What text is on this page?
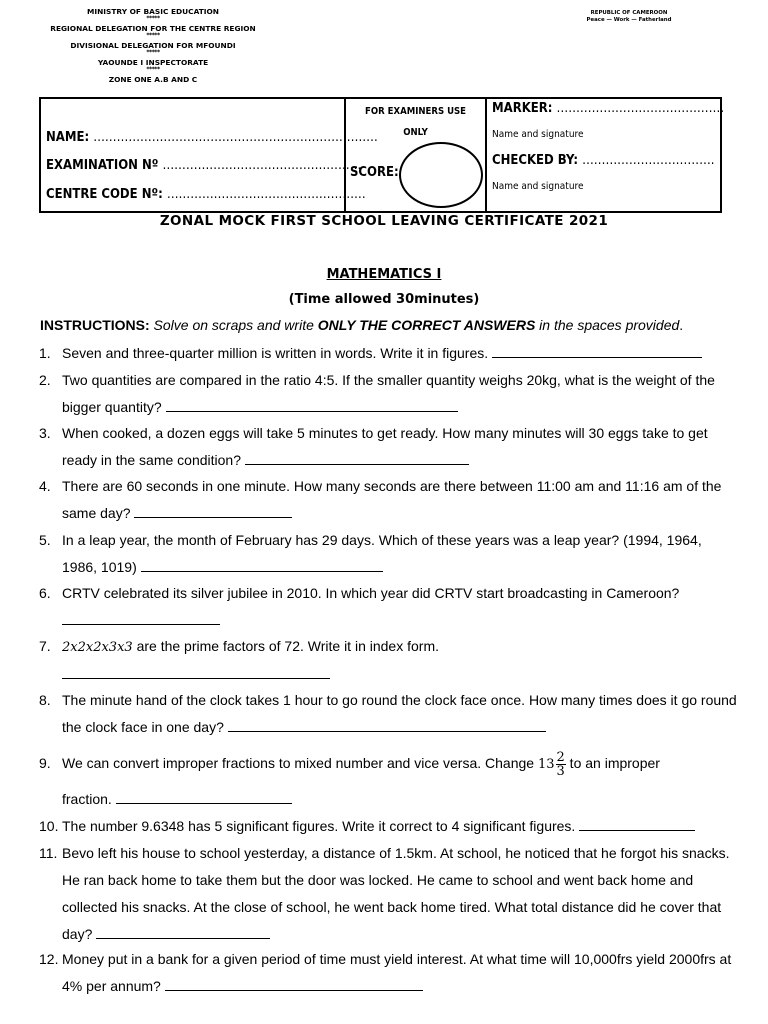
MINISTRY OF BASIC EDUCATION
*****
REGIONAL DELEGATION FOR THE CENTRE REGION
*****
DIVISIONAL DELEGATION FOR MFOUNDI
*****
YAOUNDE I INSPECTORATE
*****
ZONE ONE A.B AND C
REPUBLIC OF CAMEROON
Peace — Work — Fatherland
NAME: ……………………………………………………………….
EXAMINATION Nº ……………………………………………
CENTRE CODE Nº: ……………………………………………
FOR EXAMINERS USE
ONLY
SCORE:
MARKER: …………………………………….
Name and signature
CHECKED BY: …………………………….
Name and signature
ZONAL MOCK FIRST SCHOOL LEAVING CERTIFICATE 2021
MATHEMATICS I
(Time allowed 30minutes)
INSTRUCTIONS: Solve on scraps and write ONLY THE CORRECT ANSWERS in the spaces provided.
1. Seven and three-quarter million is written in words. Write it in figures.
2. Two quantities are compared in the ratio 4:5. If the smaller quantity weighs 20kg, what is the weight of the bigger quantity?
3. When cooked, a dozen eggs will take 5 minutes to get ready. How many minutes will 30 eggs take to get ready in the same condition?
4. There are 60 seconds in one minute. How many seconds are there between 11:00 am and 11:16 am of the same day?
5. In a leap year, the month of February has 29 days. Which of these years was a leap year? (1994, 1964, 1986, 1019)
6. CRTV celebrated its silver jubilee in 2010. In which year did CRTV start broadcasting in Cameroon?

7. 2𝑥2𝑥2𝑥3𝑥3 are the prime factors of 72. Write it in index form.

8. The minute hand of the clock takes 1 hour to go round the clock face once. How many times does it go round the clock face in one day?
9. We can convert improper fractions to mixed number and vice versa. Change $13 \frac{2}{3}$ to an improper
fraction.
10. The number 9.6348 has 5 significant figures. Write it correct to 4 significant figures.
11. Bevo left his house to school yesterday, a distance of 1.5km. At school, he noticed that he forgot his snacks. He ran back home to take them but the door was locked. He came to school and went back home and collected his snacks. At the close of school, he went back home tired. What total distance did he cover that day?
12. Money put in a bank for a given period of time must yield interest. At what time will 10,000frs yield 2000frs at 4% per annum?
